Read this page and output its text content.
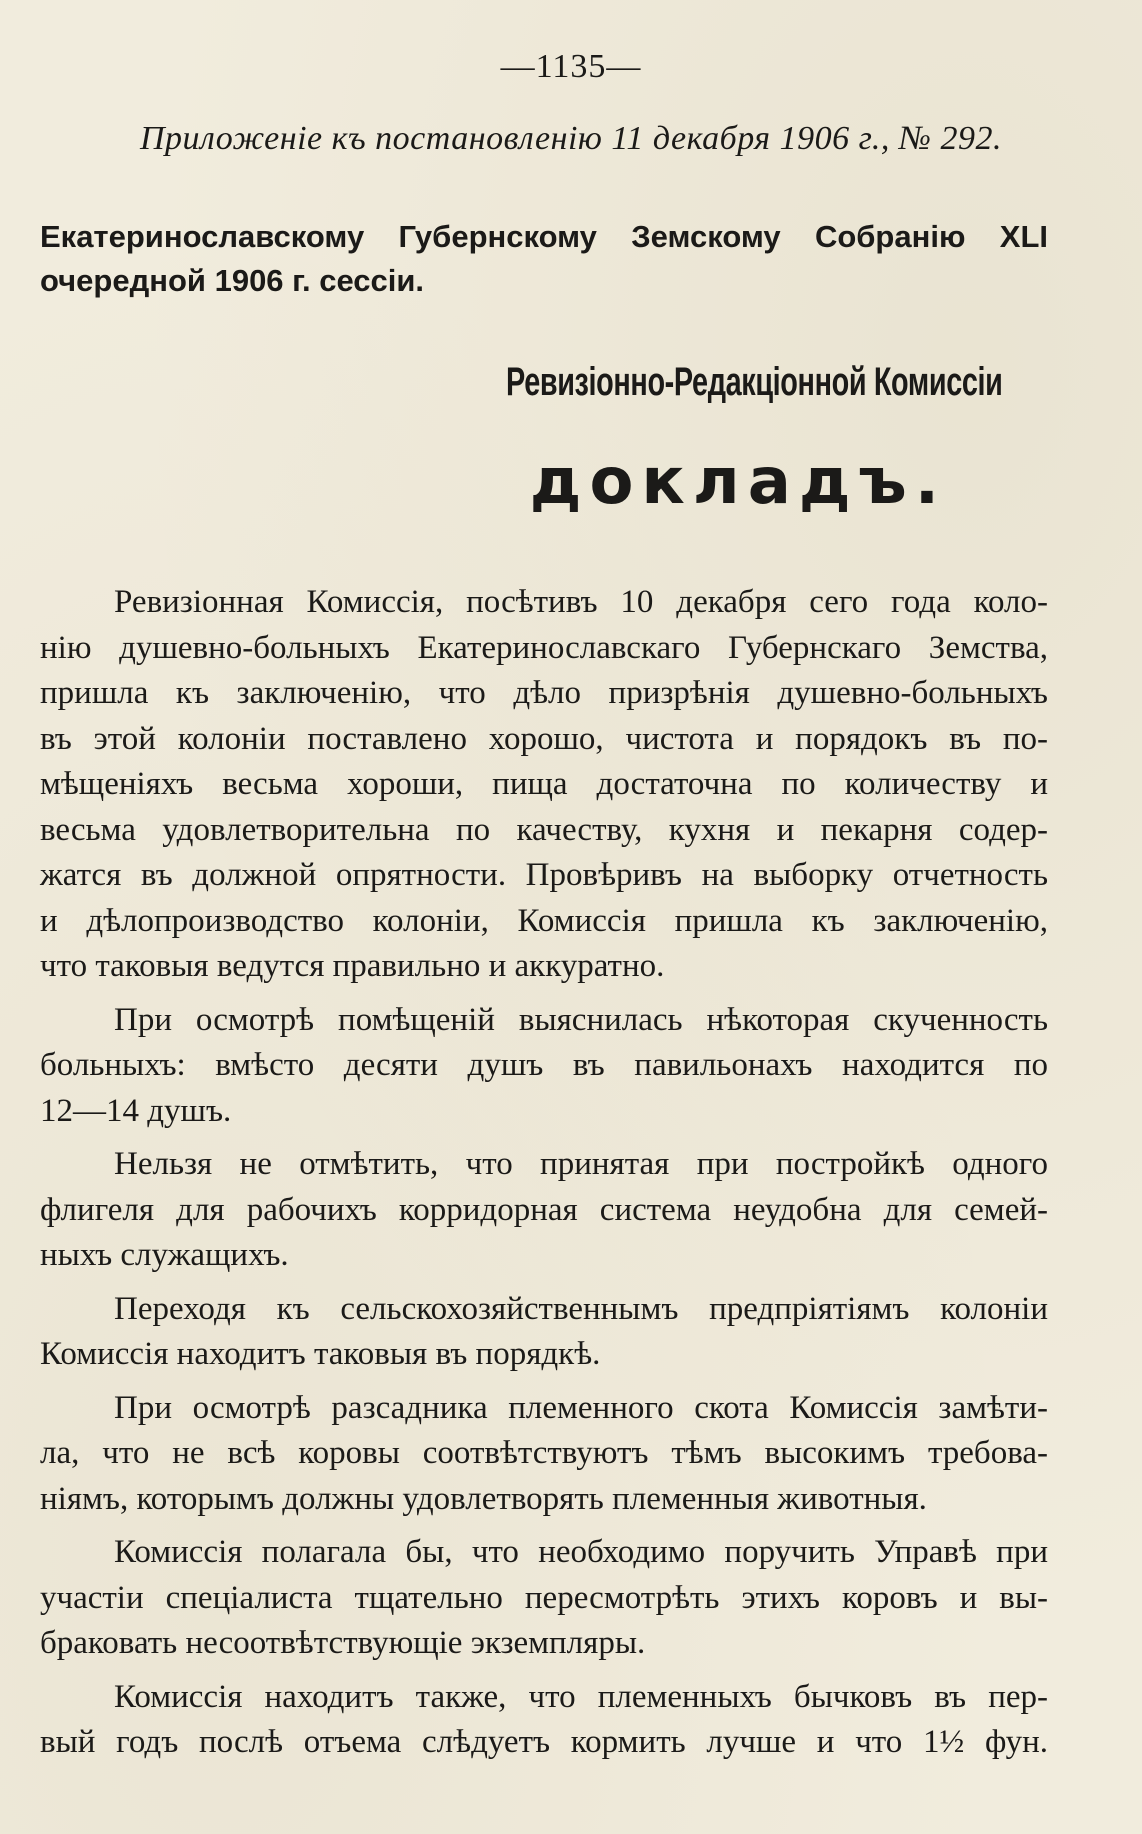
—1135—
Приложеніе къ постановленію 11 декабря 1906 г., № 292.
Екатеринославскому Губернскому Земскому Собранію XLI очередной 1906 г. сессіи.
Ревизіонно-Редакціонной Комиссіи
докладъ.

Ревизіонная Комиссія, посѣтивъ 10 декабря сего года коло-
нію душевно-больныхъ Екатеринославскаго Губернскаго Земства,
пришла къ заключенію, что дѣло призрѣнія душевно-больныхъ
въ этой колоніи поставлено хорошо, чистота и порядокъ въ по-
мѣщеніяхъ весьма хороши, пища достаточна по количеству и
весьма удовлетворительна по качеству, кухня и пекарня содер-
жатся въ должной опрятности. Провѣривъ на выборку отчетность
и дѣлопроизводство колоніи, Комиссія пришла къ заключенію,
что таковыя ведутся правильно и аккуратно.

При осмотрѣ помѣщеній выяснилась нѣкоторая скученность
больныхъ: вмѣсто десяти душъ въ павильонахъ находится по
12—14 душъ.

Нельзя не отмѣтить, что принятая при постройкѣ одного
флигеля для рабочихъ корридорная система неудобна для семей-
ныхъ служащихъ.

Переходя къ сельскохозяйственнымъ предпріятіямъ колоніи
Комиссія находитъ таковыя въ порядкѣ.

При осмотрѣ разсадника племенного скота Комиссія замѣти-
ла, что не всѣ коровы соотвѣтствуютъ тѣмъ высокимъ требова-
ніямъ, которымъ должны удовлетворять племенныя животныя.

Комиссія полагала бы, что необходимо поручить Управѣ при
участіи спеціалиста тщательно пересмотрѣть этихъ коровъ и вы-
браковать несоотвѣтствующіе экземпляры.

Комиссія находитъ также, что племенныхъ бычковъ въ пер-
вый годъ послѣ отъема слѣдуетъ кормить лучше и что 1½ фун.
